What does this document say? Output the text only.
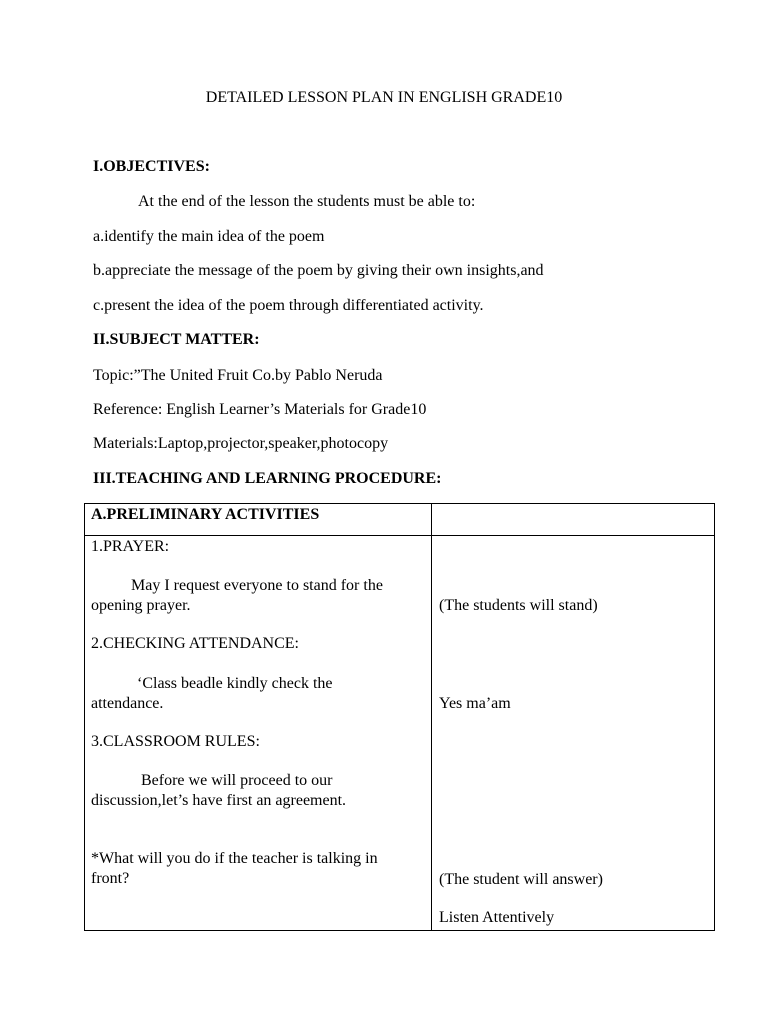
DETAILED LESSON PLAN IN ENGLISH GRADE10
I.OBJECTIVES:
At the end of the lesson the students must be able to:
a.identify the main idea of the poem
b.appreciate the message of the poem by giving their own insights,and
c.present the idea of the poem through differentiated activity.
II.SUBJECT MATTER:
Topic:”The United Fruit Co.by Pablo Neruda
Reference: English Learner’s Materials for Grade10
Materials:Laptop,projector,speaker,photocopy
III.TEACHING AND LEARNING PROCEDURE:
A.PRELIMINARY ACTIVITIES
1.PRAYER:
May I request everyone to stand for the
opening prayer.
2.CHECKING ATTENDANCE:
‘Class beadle kindly check the
attendance.
3.CLASSROOM RULES:
Before we will proceed to our
discussion,let’s have first an agreement.
*What will you do if the teacher is talking in
front?
(The students will stand)
Yes ma’am
(The student will answer)
Listen Attentively
